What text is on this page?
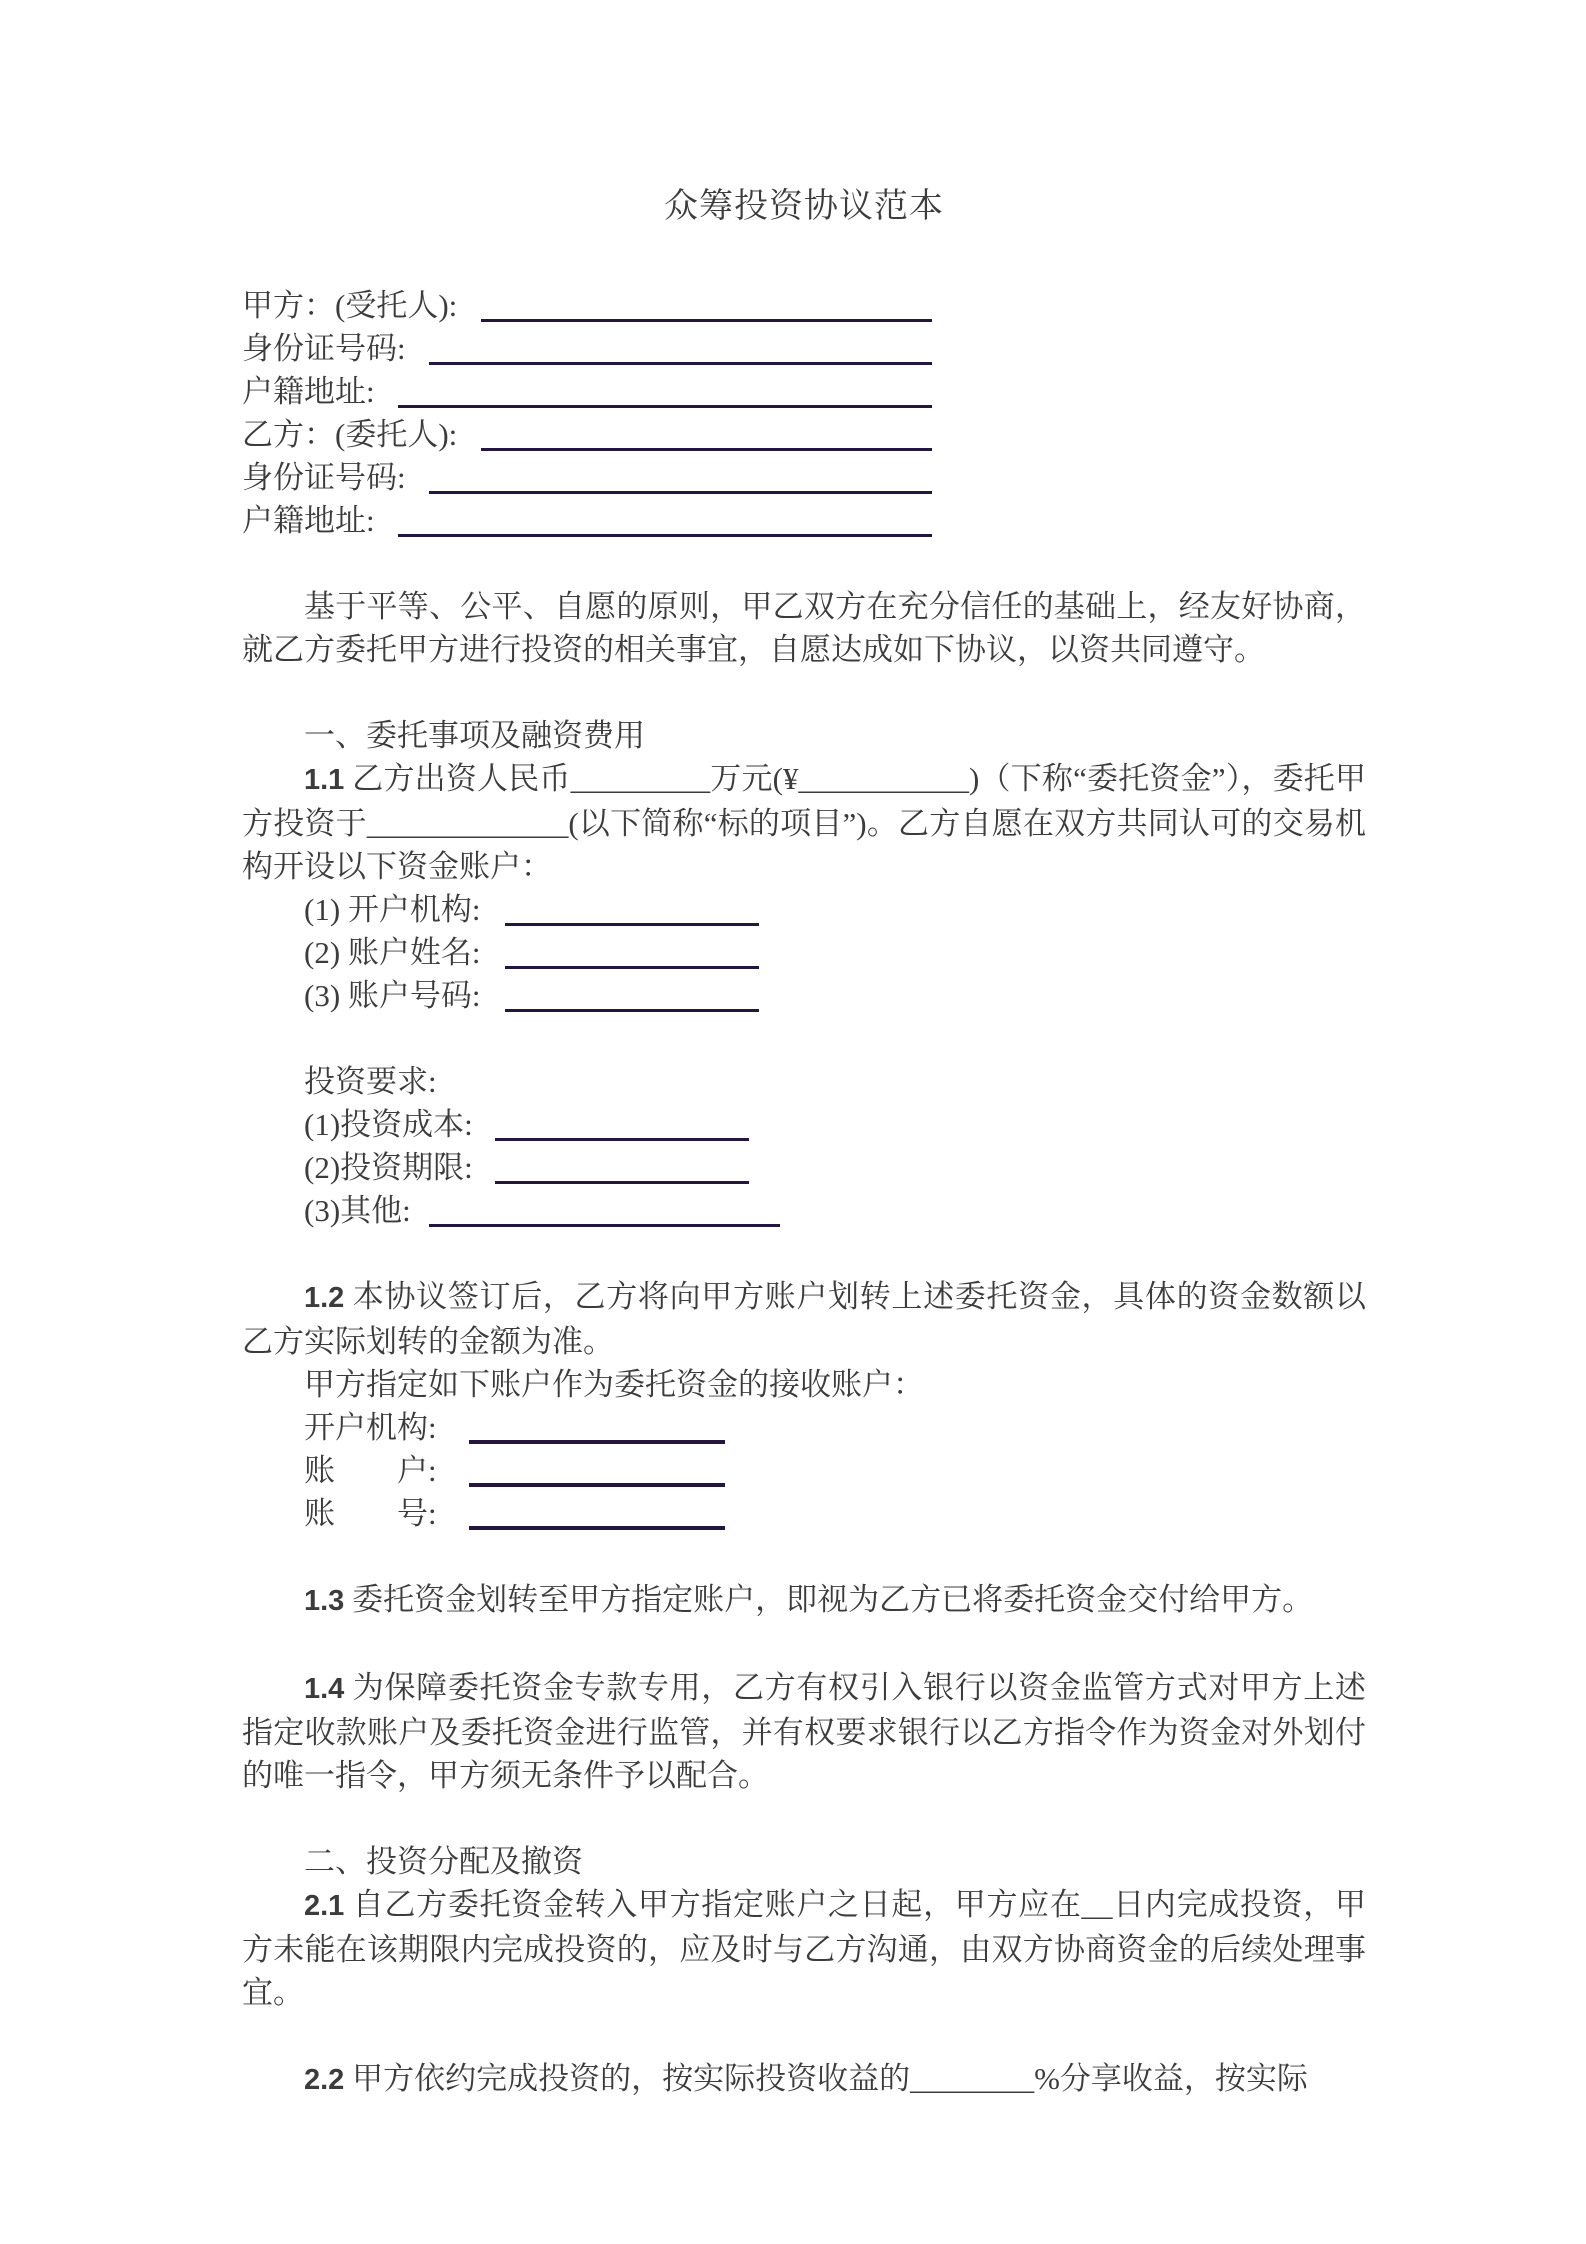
众筹投资协议范本
甲方：(受托人):
身份证号码:
户籍地址:
乙方：(委托人):
身份证号码:
户籍地址:

基于平等、公平、自愿的原则，甲乙双方在充分信任的基础上，经友好协商，就乙方委托甲方进行投资的相关事宜，自愿达成如下协议，以资共同遵守。

一、委托事项及融资费用

1.1 乙方出资人民币_________万元(¥___________)（下称“委托资金”），委托甲方投资于_____________(以下简称“标的项目”)。乙方自愿在双方共同认可的交易机构开设以下资金账户：

(1) 开户机构:
(2) 账户姓名:
(3) 账户号码:

投资要求:

(1)投资成本:
(2)投资期限:
(3)其他:

1.2 本协议签订后，乙方将向甲方账户划转上述委托资金，具体的资金数额以乙方实际划转的金额为准。

甲方指定如下账户作为委托资金的接收账户：

开户机构:
账　　户:
账　　号:

1.3 委托资金划转至甲方指定账户，即视为乙方已将委托资金交付给甲方。

1.4 为保障委托资金专款专用，乙方有权引入银行以资金监管方式对甲方上述指定收款账户及委托资金进行监管，并有权要求银行以乙方指令作为资金对外划付的唯一指令，甲方须无条件予以配合。

二、投资分配及撤资

2.1 自乙方委托资金转入甲方指定账户之日起，甲方应在__日内完成投资，甲方未能在该期限内完成投资的，应及时与乙方沟通，由双方协商资金的后续处理事宜。

2.2 甲方依约完成投资的，按实际投资收益的________%分享收益，按实际
